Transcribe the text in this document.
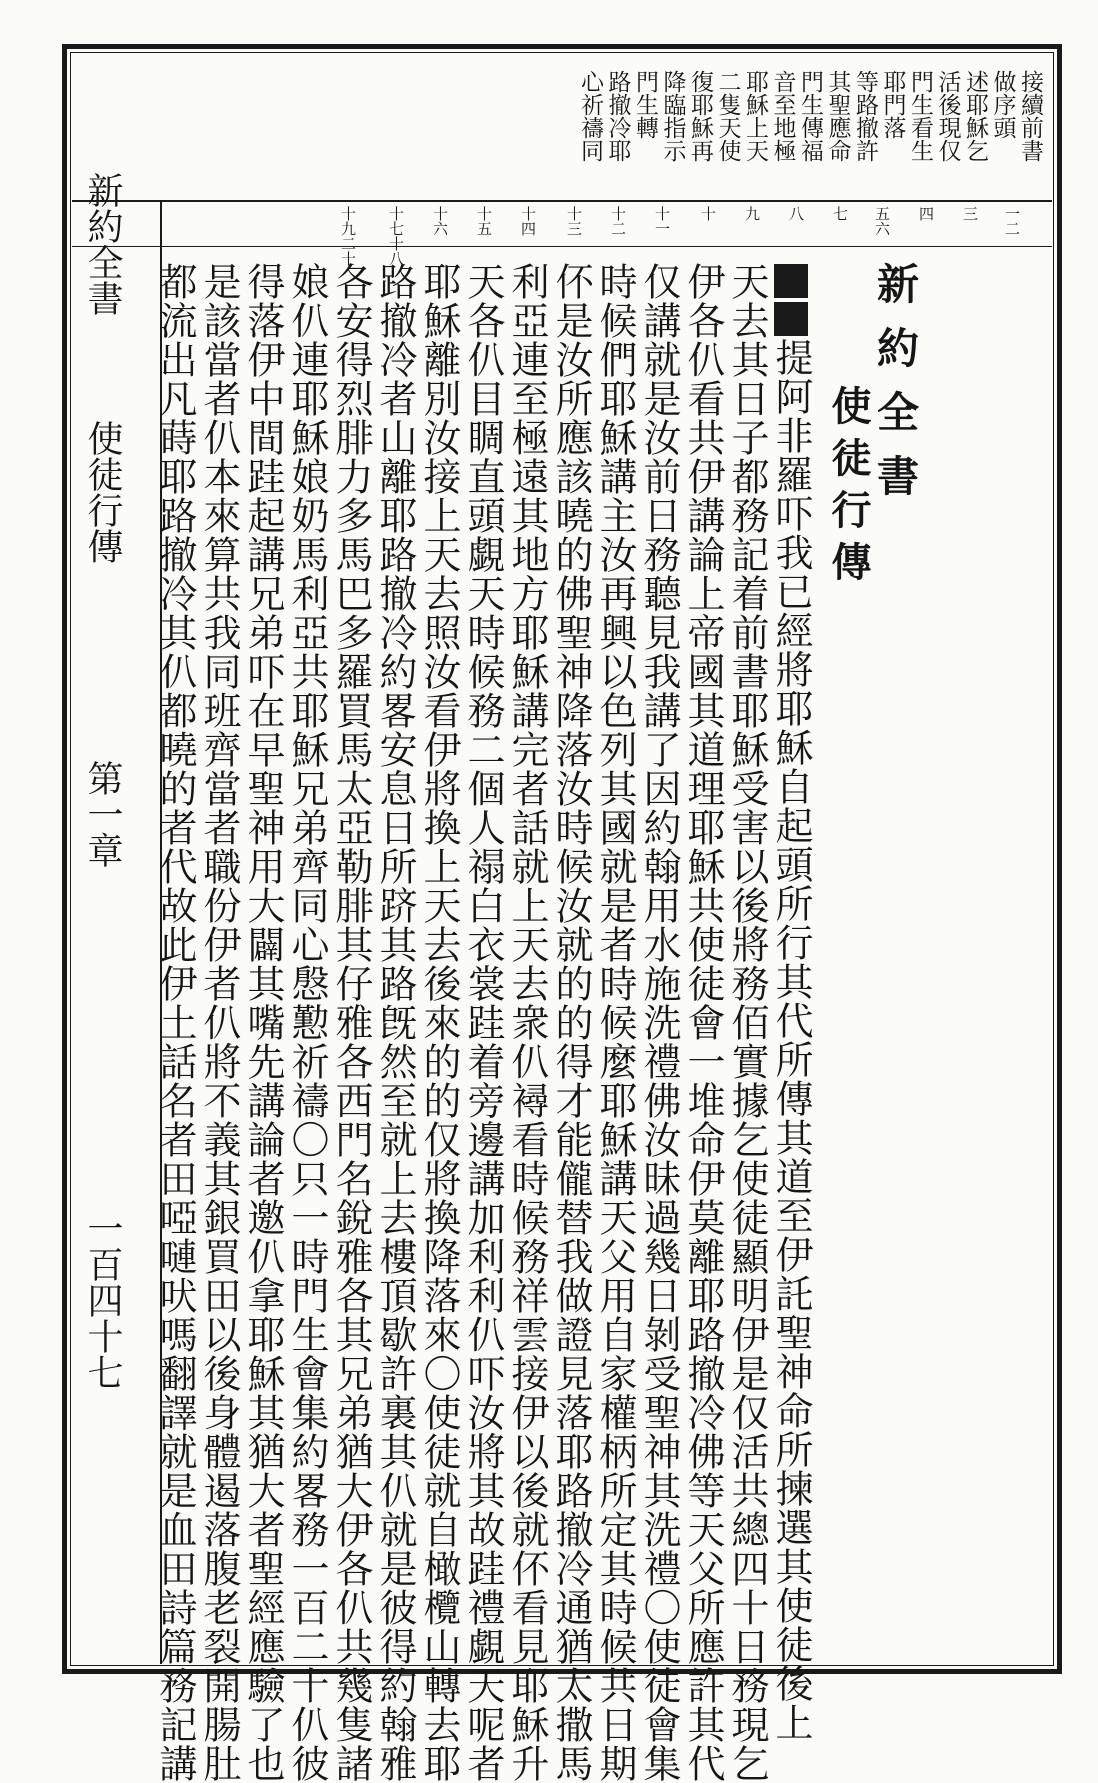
接續前書
做序頭
述耶穌乞
活後現仅
門生看生
耶門落
等路撤許
其聖應命
門生傳福
音至地極
耶穌上天
二隻天使
復耶穌再
降臨指示
門生轉
路撤冷耶
心祈禱同
一二
三
四
五六
七
八
九
十
十一
十二
十三
十四
十五
十六
十七十八
十九二十
新約全書
使徒行傳
提阿非羅吓我已經將耶穌自起頭所行其代所傳其道至伊託聖神命所揀選其使徒後上
天去其日子都務記着前書耶穌受害以後將務佰實據乞使徒顯明伊是仅活共總四十日務現乞
伊各仈看共伊講論上帝國其道理耶穌共使徒會一堆命伊莫離耶路撤冷佛等天父所應許其代
仅講就是汝前日務聽見我講了因約翰用水施洗禮佛汝昧過幾日剝受聖神其洗禮〇使徒會集
時候們耶穌講主汝再興以色列其國就是者時候麼耶穌講天父用自家權柄所定其時候共日期
伓是汝所應該曉的佛聖神降落汝時候汝就的的得才能儱替我做證見落耶路撤冷通猶太撒馬
利亞連至極遠其地方耶穌講完者話就上天去衆仈襑看時候務祥雲接伊以後就伓看見耶穌升
天各仈目睭直頭覷天時候務二個人禢白衣裳跬着旁邊講加利利仈吓汝將其故跬禮覷天呢者
耶穌離別汝接上天去照汝看伊將換上天去後來的的仅將換降落來〇使徒就自橄欖山轉去耶
路撤冷者山離耶路撤冷約畧安息日所跻其路旣然至就上去樓頂歇許裏其仈就是彼得約翰雅
各安得烈腓力多馬巴多羅買馬太亞勒腓其仔雅各西門名銳雅各其兄弟猶大伊各仈共幾隻諸
娘仈連耶穌娘奶馬利亞共耶穌兄弟齊同心慇懃祈禱〇只一時門生會集約畧務一百二十仈彼
得落伊中間跬起講兄弟吓在早聖神用大闢其嘴先講論者邀仈拿耶穌其猶大者聖經應驗了也
是該當者仈本來算共我同班齊當者職份伊者仈將不義其銀買田以後身體遏落腹老裂開腸肚
都流出凡蒔耶路撤冷其仈都曉的者代故此伊土話名者田啞嗹吠嗎翻譯就是血田詩篇務記講
新約全書
使徒行傳
第一章
一百四十七
